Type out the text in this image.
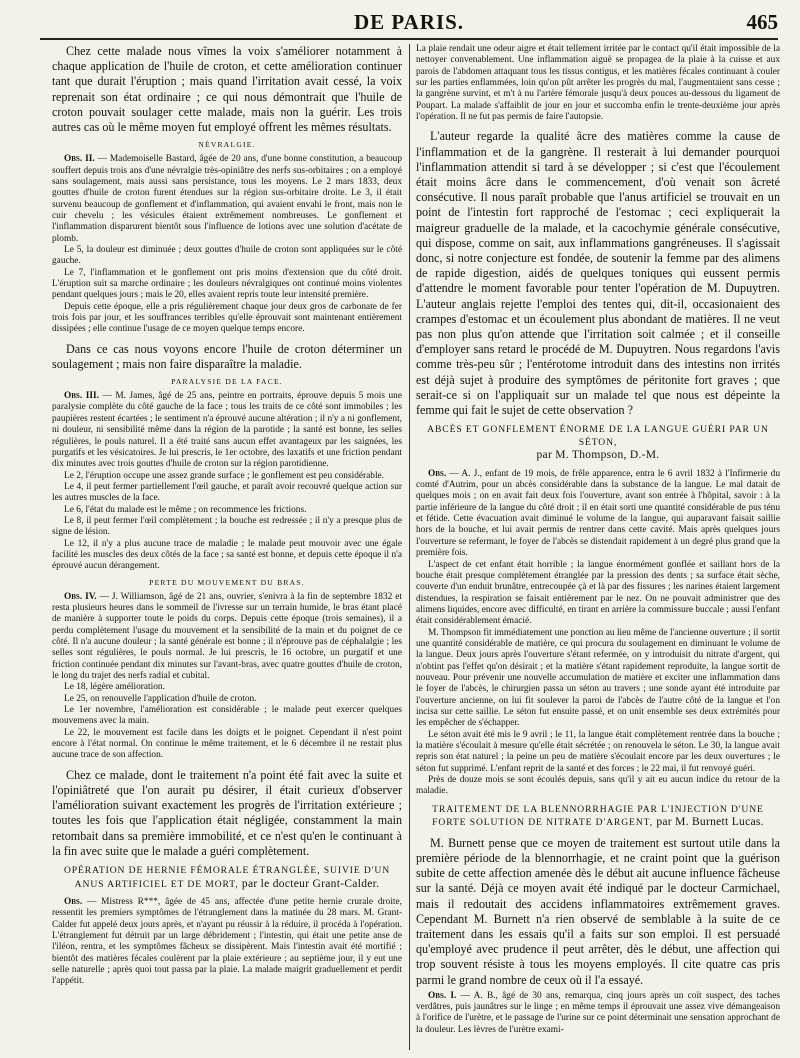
DE PARIS.	465

Chez cette malade nous vîmes la voix s'améliorer notamment à chaque application de l'huile de croton, et cette amélioration continuer tant que durait l'éruption ; mais quand l'irritation avait cessé, la voix reprenait son état ordinaire ; ce qui nous démontrait que l'huile de croton pouvait soulager cette malade, mais non la guérir. Les trois autres cas où le même moyen fut employé offrent les mêmes résultats.

NÉVRALGIE.

Obs. II. — Mademoiselle Bastard, âgée de 20 ans, d'une bonne constitution, a beaucoup souffert depuis trois ans d'une névralgie très-opiniâtre des nerfs sus-orbitaires ; on a employé sans soulagement, mais aussi sans persistance, tous les moyens. Le 2 mars 1833, deux gouttes d'huile de croton furent étendues sur la région sus-orbitaire droite. Le 3, il était survenu beaucoup de gonflement et d'inflammation, qui avaient envahi le front, mais non le cuir chevelu ; les vésicules étaient extrêmement nombreuses. Le gonflement et l'inflammation disparurent bientôt sous l'influence de lotions avec une solution d'acétate de plomb.

Le 5, la douleur est diminuée ; deux gouttes d'huile de croton sont appliquées sur le côté gauche.

Le 7, l'inflammation et le gonflement ont pris moins d'extension que du côté droit. L'éruption suit sa marche ordinaire ; les douleurs névralgiques ont continué moins violentes pendant quelques jours ; mais le 20, elles avaient repris toute leur intensité première.

Depuis cette époque, elle a pris régulièrement chaque jour deux gros de carbonate de fer trois fois par jour, et les souffrances terribles qu'elle éprouvait sont maintenant entièrement dissipées ; elle continue l'usage de ce moyen quelque temps encore.

Dans ce cas nous voyons encore l'huile de croton déterminer un soulagement ; mais non faire disparaître la maladie.

PARALYSIE DE LA FACE.

Obs. III. — M. James, âgé de 25 ans, peintre en portraits, éprouve depuis 5 mois une paralysie complète du côté gauche de la face ; tous les traits de ce côté sont immobiles ; les paupières restent écartées ; le sentiment n'a éprouvé aucune altération ; il n'y a ni gonflement, ni douleur, ni sensibilité même dans la région de la parotide ; la santé est bonne, les selles régulières, le pouls naturel. Il a été traité sans aucun effet avantageux par les saignées, les purgatifs et les vésicatoires. Je lui prescris, le 1er octobre, des laxatifs et une friction pendant dix minutes avec trois gouttes d'huile de croton sur la région parotidienne.

Le 2, l'éruption occupe une assez grande surface ; le gonflement est peu considérable.

Le 4, il peut fermer partiellement l'œil gauche, et paraît avoir recouvré quelque action sur les autres muscles de la face.

Le 6, l'état du malade est le même ; on recommence les frictions.

Le 8, il peut fermer l'œil complètement ; la bouche est redressée ; il n'y a presque plus de signe de lésion.

Le 12, il n'y a plus aucune trace de maladie ; le malade peut mouvoir avec une égale facilité les muscles des deux côtés de la face ; sa santé est bonne, et depuis cette époque il n'a éprouvé aucun dérangement.

PERTE DU MOUVEMENT DU BRAS.

Obs. IV. — J. Williamson, âgé de 21 ans, ouvrier, s'enivra à la fin de septembre 1832 et resta plusieurs heures dans le sommeil de l'ivresse sur un terrain humide, le bras étant placé de manière à supporter toute le poids du corps. Depuis cette époque (trois semaines), il a perdu complètement l'usage du mouvement et la sensibilité de la main et du poignet de ce côté. Il n'a aucune douleur ; la santé générale est bonne ; il n'éprouve pas de céphalalgie ; les selles sont régulières, le pouls normal. Je lui prescris, le 16 octobre, un purgatif et une friction continuée pendant dix minutes sur l'avant-bras, avec quatre gouttes d'huile de croton, le long du trajet des nerfs radial et cubital.

Le 18, légère amélioration.

Le 25, on renouvelle l'application d'huile de croton.

Le 1er novembre, l'amélioration est considérable ; le malade peut exercer quelques mouvemens avec la main.

Le 22, le mouvement est facile dans les doigts et le poignet. Cependant il n'est point encore à l'état normal. On continue le même traitement, et le 6 décembre il ne restait plus aucune trace de son affection.

Chez ce malade, dont le traitement n'a point été fait avec la suite et l'opiniâtreté que l'on aurait pu désirer, il était curieux d'observer l'amélioration suivant exactement les progrès de l'irritation extérieure ; toutes les fois que l'application était négligée, constamment la main retombait dans sa première immobilité, et ce n'est qu'en le continuant à la fin avec suite que le malade a guéri complètement.

OPÉRATION DE HERNIE FÉMORALE ÉTRANGLÉE, SUIVIE D'UN ANUS ARTIFICIEL ET DE MORT, par le docteur Grant-Calder.

Obs. — Mistress R***, âgée de 45 ans, affectée d'une petite hernie crurale droite, ressentit les premiers symptômes de l'étranglement dans la matinée du 28 mars. M. Grant-Calder fut appelé deux jours après, et n'ayant pu réussir à la réduire, il procéda à l'opération. L'étranglement fut détruit par un large débridement ; l'intestin, qui était une petite anse de l'iléon, rentra, et les symptômes fâcheux se dissipèrent. Mais l'intestin avait été mortifié ; bientôt des matières fécales coulèrent par la plaie extérieure ; au septième jour, il y eut une selle naturelle ; après quoi tout passa par la plaie. La malade maigrit graduellement et perdit l'appétit.

La plaie rendait une odeur aigre et était tellement irritée par le contact qu'il était impossible de la nettoyer convenablement. Une inflammation aiguë se propagea de la plaie à la cuisse et aux parois de l'abdomen attaquant tous les tissus contigus, et les matières fécales continuant à couler sur les parties enflammées, loin qu'on pût arrêter les progrès du mal, l'augmentaient sans cesse ; la gangrène survint, et m't à nu l'artère fémorale jusqu'à deux pouces au-dessous du ligament de Poupart. La malade s'affaiblit de jour en jour et succomba enfin le trente-deuxième jour après l'opération. Il ne fut pas permis de faire l'autopsie.

L'auteur regarde la qualité âcre des matières comme la cause de l'inflammation et de la gangrène. Il resterait à lui demander pourquoi l'inflammation attendit si tard à se développer ; si c'est que l'écoulement était moins âcre dans le commencement, d'où venait son âcreté consécutive. Il nous paraît probable que l'anus artificiel se trouvait en un point de l'intestin fort rapproché de l'estomac ; ceci expliquerait la maigreur graduelle de la malade, et la cacochymie générale consécutive, qui dispose, comme on sait, aux inflammations gangréneuses. Il s'agissait donc, si notre conjecture est fondée, de soutenir la femme par des alimens de rapide digestion, aidés de quelques toniques qui eussent permis d'attendre le moment favorable pour tenter l'opération de M. Dupuytren. L'auteur anglais rejette l'emploi des tentes qui, dit-il, occasionaient des crampes d'estomac et un écoulement plus abondant de matières. Il ne veut pas non plus qu'on attende que l'irritation soit calmée ; et il conseille d'employer sans retard le procédé de M. Dupuytren. Nous regardons l'avis comme très-peu sûr ; l'entérotome introduit dans des intestins non irrités est déjà sujet à produire des symptômes de péritonite fort graves ; que serait-ce si on l'appliquait sur un malade tel que nous est dépeinte la femme qui fait le sujet de cette observation ?

ABCÈS ET GONFLEMENT ÉNORME DE LA LANGUE GUÉRI PAR UN SÉTON,
par M. Thompson, D.-M.

Obs. — A. J., enfant de 19 mois, de frêle apparence, entra le 6 avril 1832 à l'Infirmerie du comté d'Autrim, pour un abcès considérable dans la substance de la langue. Le mal datait de quelques mois ; on en avait fait deux fois l'ouverture, avant son entrée à l'hôpital, savoir : à la partie inférieure de la langue du côté droit ; il en était sorti une quantité considérable de pus ténu et fétide. Cette évacuation avait diminué le volume de la langue, qui auparavant faisait saillie hors de la bouche, et lui avait permis de rentrer dans cette cavité. Mais après quelques jours l'ouverture se refermant, le foyer de l'abcès se distendait rapidement à un degré plus grand que la première fois.

L'aspect de cet enfant était horrible ; la langue énormément gonflée et saillant hors de la bouche était presque complètement étranglée par la pression des dents ; sa surface était sèche, couverte d'un enduit brunâtre, entrecoupée çà et là par des fissures ; les narines étaient largement distendues, la respiration se faisait entièrement par le nez. On ne pouvait administrer que des alimens liquides, encore avec difficulté, en tirant en arrière la commissure buccale ; aussi l'enfant était considérablement émacié.

M. Thompson fit immédiatement une ponction au lieu même de l'ancienne ouverture ; il sortit une quantité considérable de matière, ce qui procura du soulagement en diminuant le volume de la langue. Deux jours après l'ouverture s'étant refermée, on y introduisit du nitrate d'argent, qui n'obtint pas l'effet qu'on désirait ; et la matière s'étant rapidement reproduite, la langue sortit de nouveau. Pour prévenir une nouvelle accumulation de matière et exciter une inflammation dans le foyer de l'abcès, le chirurgien passa un séton au travers ; une sonde ayant été introduite par l'ouverture ancienne, on lui fit soulever la paroi de l'abcès de l'autre côté de la langue et l'on incisa sur cette saillie. Le séton fut ensuite passé, et on unit ensemble ses deux extrémités pour les empêcher de s'échapper.

Le séton avait été mis le 9 avril ; le 11, la langue était complètement rentrée dans la bouche ; la matière s'écoulait à mesure qu'elle était sécrétée ; on renouvela le séton. Le 30, la langue avait repris son état naturel ; la peine un peu de matière s'écoulait encore par les deux ouvertures ; le séton fut supprimé. L'enfant reprit de la santé et des forces ; le 22 mai, il fut renvoyé guéri.

Près de douze mois se sont écoulés depuis, sans qu'il y ait eu aucun indice du retour de la maladie.

TRAITEMENT DE LA BLENNORRHAGIE PAR L'INJECTION D'UNE FORTE SOLUTION DE NITRATE D'ARGENT, par M. Burnett Lucas.

M. Burnett pense que ce moyen de traitement est surtout utile dans la première période de la blennorrhagie, et ne craint point que la guérison subite de cette affection amenée dès le début ait aucune influence fâcheuse sur la santé. Déjà ce moyen avait été indiqué par le docteur Carmichael, mais il redoutait des accidens inflammatoires extrêmement graves. Cependant M. Burnett n'a rien observé de semblable à la suite de ce traitement dans les essais qu'il a faits sur son emploi. Il est persuadé qu'employé avec prudence il peut arrêter, dès le début, une affection qui trop souvent résiste à tous les moyens employés. Il cite quatre cas pris parmi le grand nombre de ceux où il l'a essayé.

Obs. I. — A. B., âgé de 30 ans, remarqua, cinq jours après un coït suspect, des taches verdâtres, puis jaunâtres sur le linge ; en même temps il éprouvait une assez vive démangeaison à l'orifice de l'urètre, et le passage de l'urine sur ce point déterminait une sensation approchant de la douleur. Les lèvres de l'urètre exami-
